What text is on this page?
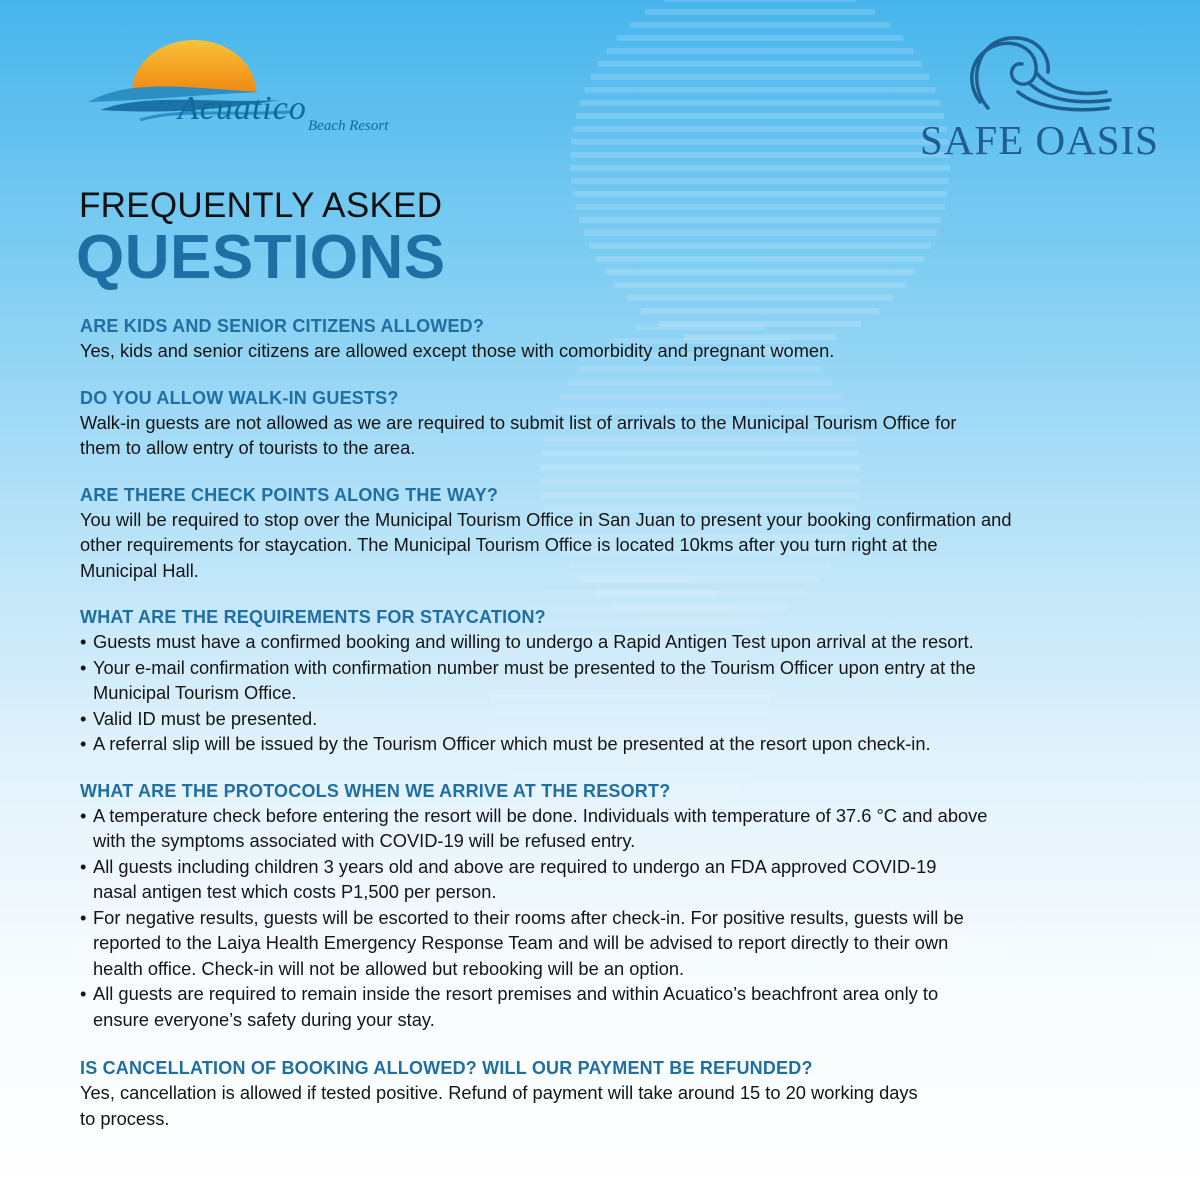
Acuatico Beach Resort	SAFE OASIS
FREQUENTLY ASKED
QUESTIONS

ARE KIDS AND SENIOR CITIZENS ALLOWED?

Yes, kids and senior citizens are allowed except those with comorbidity and pregnant women.

DO YOU ALLOW WALK-IN GUESTS?

Walk-in guests are not allowed as we are required to submit list of arrivals to the Municipal Tourism Office for

them to allow entry of tourists to the area.

ARE THERE CHECK POINTS ALONG THE WAY?

You will be required to stop over the Municipal Tourism Office in San Juan to present your booking confirmation and

other requirements for staycation. The Municipal Tourism Office is located 10kms after you turn right at the

Municipal Hall.

WHAT ARE THE REQUIREMENTS FOR STAYCATION?

• Guests must have a confirmed booking and willing to undergo a Rapid Antigen Test upon arrival at the resort.
• Your e-mail confirmation with confirmation number must be presented to the Tourism Officer upon entry at the
Municipal Tourism Office.
• Valid ID must be presented.
• A referral slip will be issued by the Tourism Officer which must be presented at the resort upon check-in.

WHAT ARE THE PROTOCOLS WHEN WE ARRIVE AT THE RESORT?

• A temperature check before entering the resort will be done. Individuals with temperature of 37.6 °C and above
with the symptoms associated with COVID-19 will be refused entry.
• All guests including children 3 years old and above are required to undergo an FDA approved COVID-19
nasal antigen test which costs P1,500 per person.
• For negative results, guests will be escorted to their rooms after check-in. For positive results, guests will be
reported to the Laiya Health Emergency Response Team and will be advised to report directly to their own
health office. Check-in will not be allowed but rebooking will be an option.
• All guests are required to remain inside the resort premises and within Acuatico’s beachfront area only to
ensure everyone’s safety during your stay.

IS CANCELLATION OF BOOKING ALLOWED? WILL OUR PAYMENT BE REFUNDED?

Yes, cancellation is allowed if tested positive. Refund of payment will take around 15 to 20 working days

to process.
